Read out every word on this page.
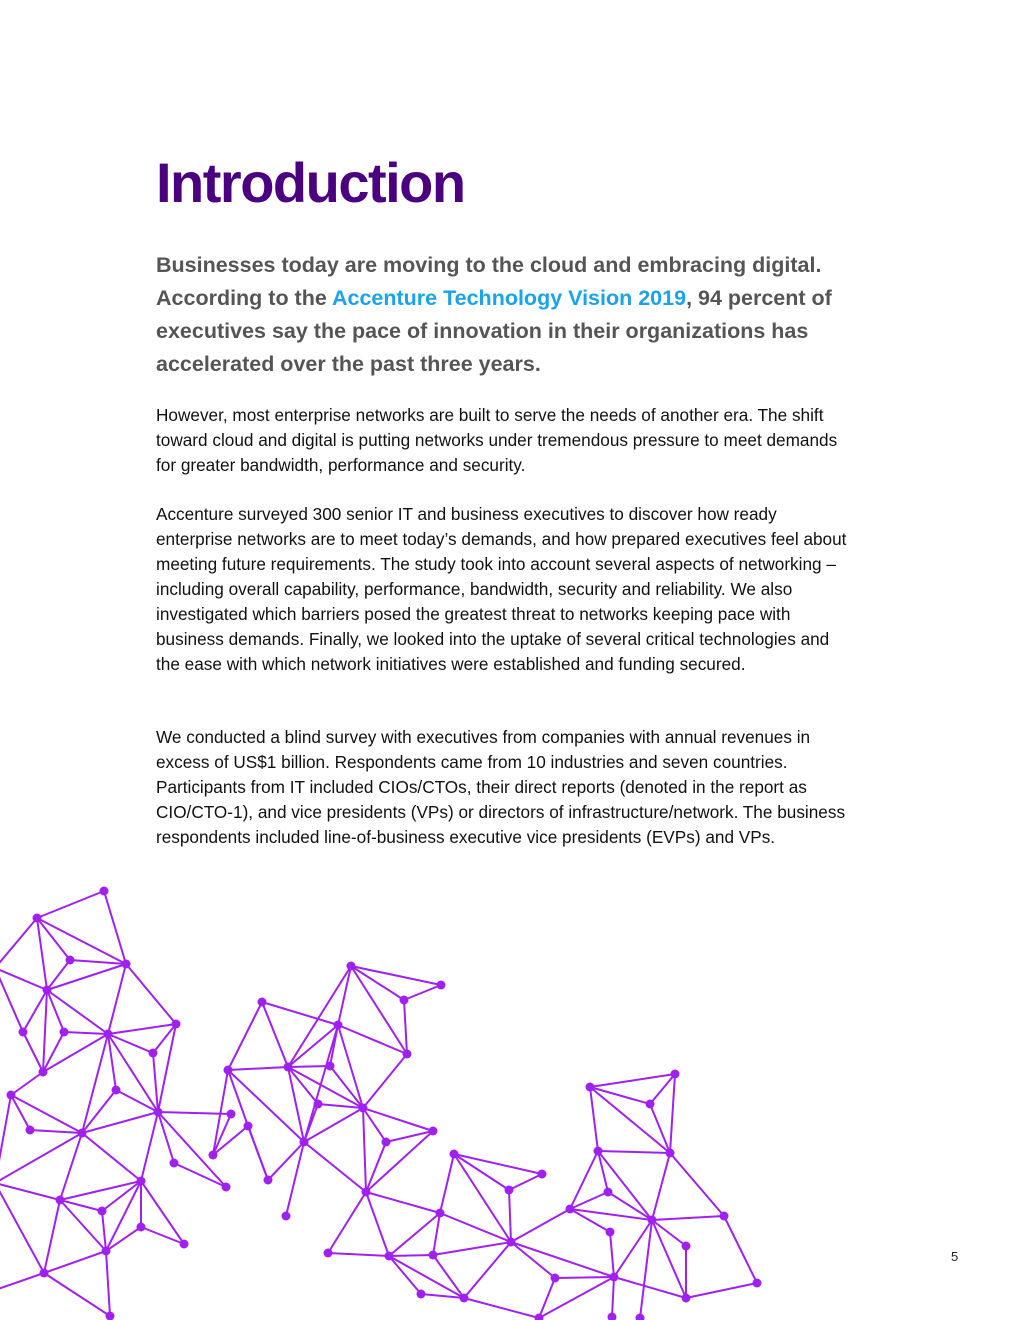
Introduction

Businesses today are moving to the cloud and embracing digital. According to the Accenture Technology Vision 2019, 94 percent of executives say the pace of innovation in their organizations has accelerated over the past three years.

However, most enterprise networks are built to serve the needs of another era. The shift toward cloud and digital is putting networks under tremendous pressure to meet demands for greater bandwidth, performance and security.

Accenture surveyed 300 senior IT and business executives to discover how ready enterprise networks are to meet today’s demands, and how prepared executives feel about meeting future requirements. The study took into account several aspects of networking – including overall capability, performance, bandwidth, security and reliability. We also investigated which barriers posed the greatest threat to networks keeping pace with business demands. Finally, we looked into the uptake of several critical technologies and the ease with which network initiatives were established and funding secured.

We conducted a blind survey with executives from companies with annual revenues in excess of US$1 billion. Respondents came from 10 industries and seven countries. Participants from IT included CIOs/CTOs, their direct reports (denoted in the report as CIO/CTO-1), and vice presidents (VPs) or directors of infrastructure/network. The business respondents included line-of-business executive vice presidents (EVPs) and VPs.

5
